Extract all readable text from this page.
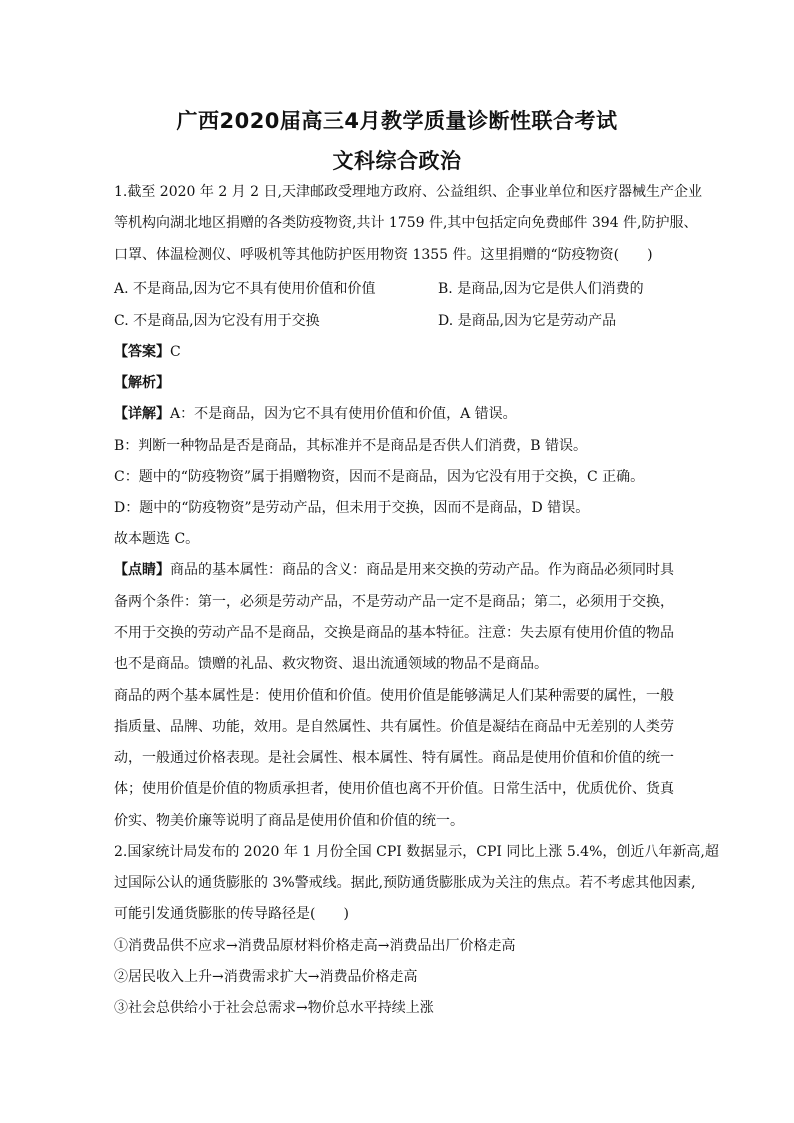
广西2020届高三4月教学质量诊断性联合考试
文科综合政治
1.截至 2020 年 2 月 2 日,天津邮政受理地方政府、公益组织、企事业单位和医疗器械生产企业
等机构向湖北地区捐赠的各类防疫物资,共计 1759 件,其中包括定向免费邮件 394 件,防护服、
口罩、体温检测仪、呼吸机等其他防护医用物资 1355 件。这里捐赠的“防疫物资(　　)
A. 不是商品,因为它不具有使用价值和价值	B. 是商品,因为它是供人们消费的
C. 不是商品,因为它没有用于交换	D. 是商品,因为它是劳动产品
【答案】C
【解析】
【详解】A：不是商品，因为它不具有使用价值和价值，A 错误。
B：判断一种物品是否是商品，其标准并不是商品是否供人们消费，B 错误。
C：题中的“防疫物资”属于捐赠物资，因而不是商品，因为它没有用于交换，C 正确。
D：题中的“防疫物资”是劳动产品，但未用于交换，因而不是商品，D 错误。
故本题选 C。
【点睛】商品的基本属性：商品的含义：商品是用来交换的劳动产品。作为商品必须同时具
备两个条件：第一，必须是劳动产品，不是劳动产品一定不是商品；第二，必须用于交换，
不用于交换的劳动产品不是商品，交换是商品的基本特征。注意：失去原有使用价值的物品
也不是商品。馈赠的礼品、救灾物资、退出流通领域的物品不是商品。
商品的两个基本属性是：使用价值和价值。使用价值是能够满足人们某种需要的属性，一般
指质量、品牌、功能，效用。是自然属性、共有属性。价值是凝结在商品中无差别的人类劳
动，一般通过价格表现。是社会属性、根本属性、特有属性。商品是使用价值和价值的统一
体；使用价值是价值的物质承担者，使用价值也离不开价值。日常生活中，优质优价、货真
价实、物美价廉等说明了商品是使用价值和价值的统一。
2.国家统计局发布的 2020 年 1 月份全国 CPI 数据显示，CPI 同比上涨 5.4%，创近八年新高,超
过国际公认的通货膨胀的 3%警戒线。据此,预防通货膨胀成为关注的焦点。若不考虑其他因素,
可能引发通货膨胀的传导路径是(　　)
①消费品供不应求→消费品原材料价格走高→消费品出厂价格走高
②居民收入上升→消费需求扩大→消费品价格走高
③社会总供给小于社会总需求→物价总水平持续上涨
